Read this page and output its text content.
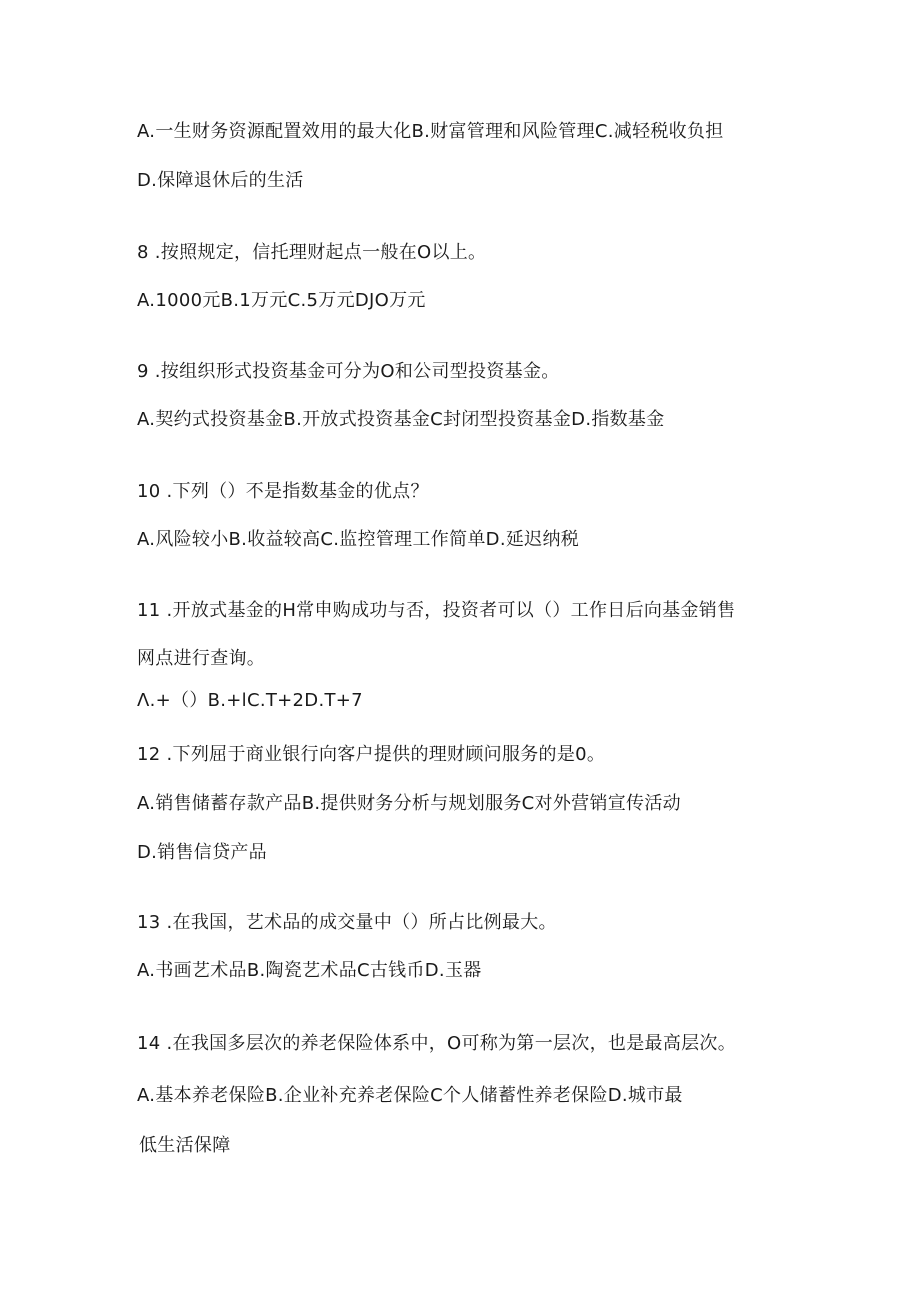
A.一生财务资源配置效用的最大化B.财富管理和风险管理C.减轻税收负担
D.保障退休后的生活
8 .按照规定，信托理财起点一般在O以上。
A.1000元B.1万元C.5万元DJO万元
9 .按组织形式投资基金可分为O和公司型投资基金。
A.契约式投资基金B.开放式投资基金C封闭型投资基金D.指数基金
10 .下列（）不是指数基金的优点？
A.风险较小B.收益较高C.监控管理工作简单D.延迟纳税
11 .开放式基金的H常申购成功与否，投资者可以（）工作日后向基金销售
网点进行查询。
Λ.+（）B.+lC.T+2D.T+7
12 .下列屈于商业银行向客户提供的理财顾问服务的是0。
A.销售储蓄存款产品B.提供财务分析与规划服务C对外营销宣传活动
D.销售信贷产品
13 .在我国，艺术品的成交量中（）所占比例最大。
A.书画艺术品B.陶瓷艺术品C古钱币D.玉器
14 .在我国多层次的养老保险体系中，O可称为第一层次，也是最高层次。
A.基本养老保险B.企业补充养老保险C个人储蓄性养老保险D.城市最
低生活保障
